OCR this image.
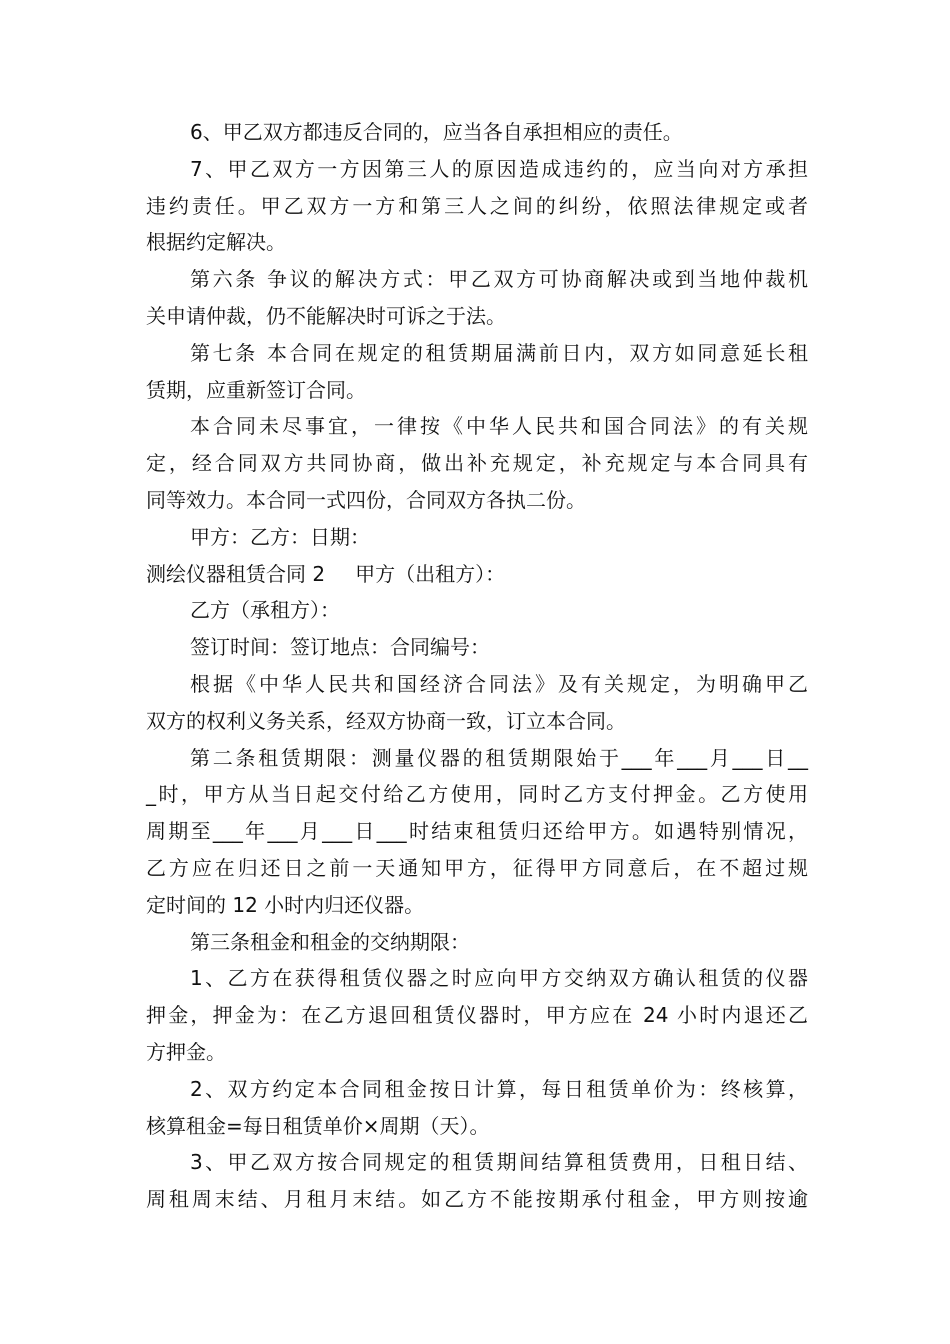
6、甲乙双方都违反合同的，应当各自承担相应的责任。
7、甲乙双方一方因第三人的原因造成违约的，应当向对方承担
违约责任。甲乙双方一方和第三人之间的纠纷，依照法律规定或者
根据约定解决。
第六条 争议的解决方式：甲乙双方可协商解决或到当地仲裁机
关申请仲裁，仍不能解决时可诉之于法。
第七条 本合同在规定的租赁期届满前日内，双方如同意延长租
赁期，应重新签订合同。
本合同未尽事宜，一律按《中华人民共和国合同法》的有关规
定，经合同双方共同协商，做出补充规定，补充规定与本合同具有
同等效力。本合同一式四份，合同双方各执二份。
甲方：乙方：日期：
测绘仪器租赁合同 2 甲方（出租方）：
乙方（承租方）：
签订时间：签订地点：合同编号：
根据《中华人民共和国经济合同法》及有关规定，为明确甲乙
双方的权利义务关系，经双方协商一致，订立本合同。
第二条租赁期限：测量仪器的租赁期限始于___年___月___日__
_时，甲方从当日起交付给乙方使用，同时乙方支付押金。乙方使用
周期至___年___月___日___时结束租赁归还给甲方。如遇特别情况，
乙方应在归还日之前一天通知甲方，征得甲方同意后，在不超过规
定时间的 12 小时内归还仪器。
第三条租金和租金的交纳期限：
1、乙方在获得租赁仪器之时应向甲方交纳双方确认租赁的仪器
押金，押金为：在乙方退回租赁仪器时，甲方应在 24 小时内退还乙
方押金。
2、双方约定本合同租金按日计算，每日租赁单价为：终核算，
核算租金=每日租赁单价×周期（天）。
3、甲乙双方按合同规定的租赁期间结算租赁费用，日租日结、
周租周末结、月租月末结。如乙方不能按期承付租金，甲方则按逾
